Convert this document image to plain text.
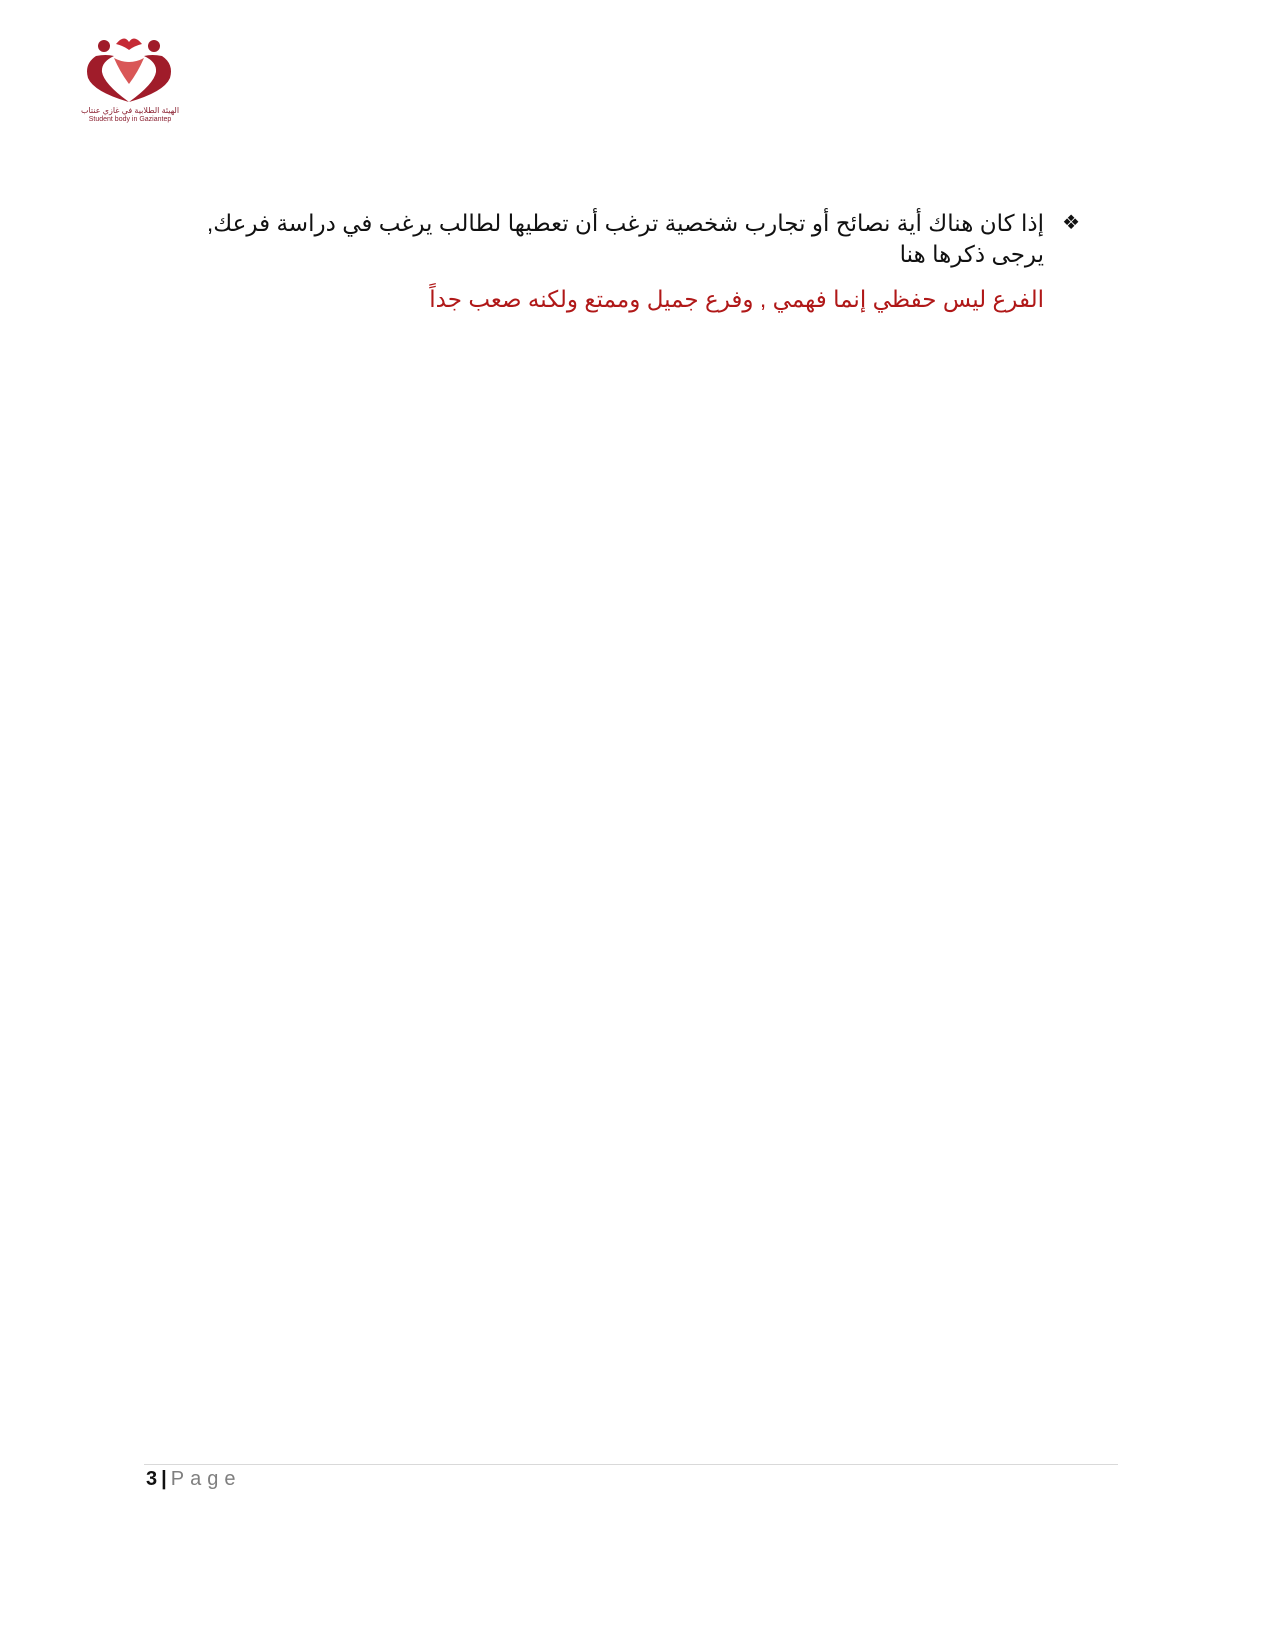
الهيئة الطلابية في غازي عنتاب
Student body in Gaziantep

❖
إذا كان هناك أية نصائح أو تجارب شخصية ترغب أن تعطيها لطالب يرغب في دراسة فرعك, يرجى ذكرها هنا

الفرع ليس حفظي إنما فهمي , وفرع جميل وممتع ولكنه صعب جداً

3 | Page
